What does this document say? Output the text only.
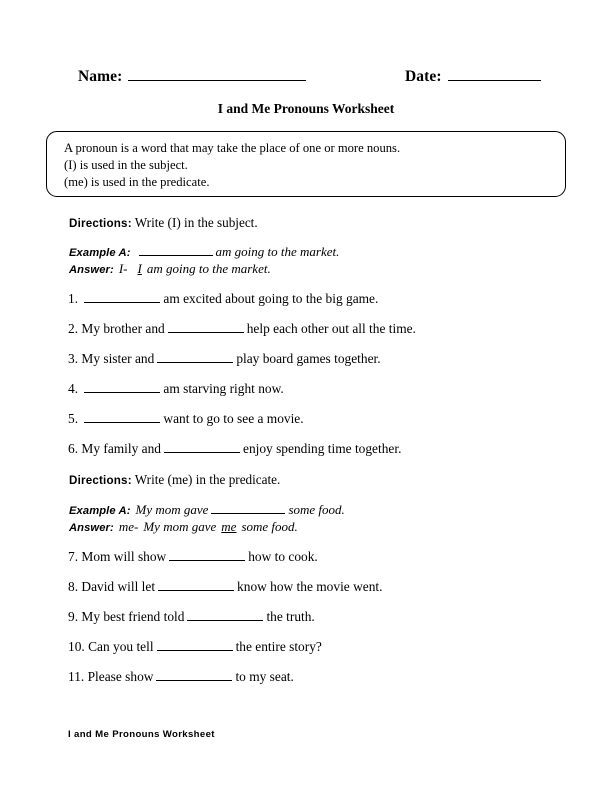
Name:	Date:
I and Me Pronouns Worksheet
A pronoun is a word that may take the place of one or more nouns.
(I) is used in the subject.
(me) is used in the predicate.
Directions: Write (I) in the subject.
Example A:	am going to the market.
Answer: I- I am going to the market.
1.	am excited about going to the big game.
2. My brother and	help each other out all the time.
3. My sister and	play board games together.
4.	am starving right now.
5.	want to go to see a movie.
6. My family and	enjoy spending time together.
Directions: Write (me) in the predicate.
Example A: My mom gave	some food.
Answer: me- My mom gave me some food.
7. Mom will show	how to cook.
8. David will let	know how the movie went.
9. My best friend told	the truth.
10. Can you tell	the entire story?
11. Please show	to my seat.
I and Me Pronouns Worksheet
